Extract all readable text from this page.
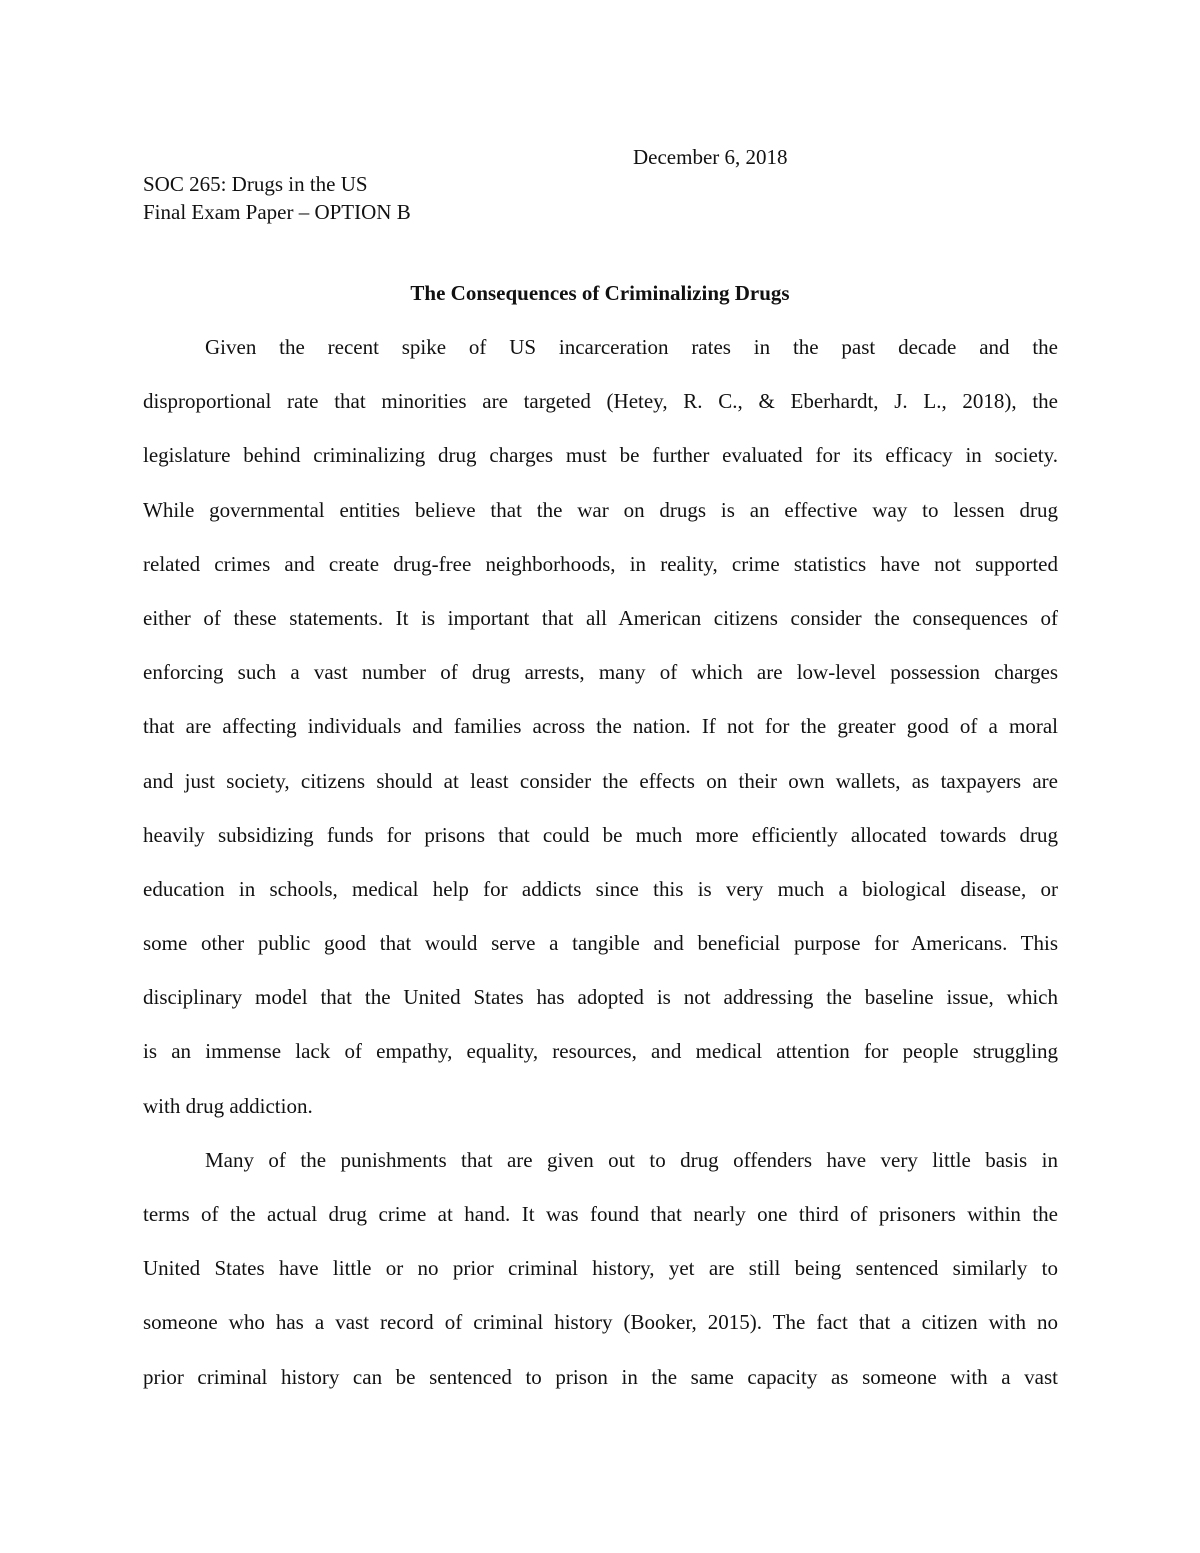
December 6, 2018
SOC 265: Drugs in the US
Final Exam Paper – OPTION B
The Consequences of Criminalizing Drugs
Given the recent spike of US incarceration rates in the past decade and the
disproportional rate that minorities are targeted (Hetey, R. C., & Eberhardt, J. L., 2018), the
legislature behind criminalizing drug charges must be further evaluated for its efficacy in society.
While governmental entities believe that the war on drugs is an effective way to lessen drug
related crimes and create drug-free neighborhoods, in reality, crime statistics have not supported
either of these statements. It is important that all American citizens consider the consequences of
enforcing such a vast number of drug arrests, many of which are low-level possession charges
that are affecting individuals and families across the nation. If not for the greater good of a moral
and just society, citizens should at least consider the effects on their own wallets, as taxpayers are
heavily subsidizing funds for prisons that could be much more efficiently allocated towards drug
education in schools, medical help for addicts since this is very much a biological disease, or
some other public good that would serve a tangible and beneficial purpose for Americans. This
disciplinary model that the United States has adopted is not addressing the baseline issue, which
is an immense lack of empathy, equality, resources, and medical attention for people struggling
with drug addiction.
Many of the punishments that are given out to drug offenders have very little basis in
terms of the actual drug crime at hand. It was found that nearly one third of prisoners within the
United States have little or no prior criminal history, yet are still being sentenced similarly to
someone who has a vast record of criminal history (Booker, 2015). The fact that a citizen with no
prior criminal history can be sentenced to prison in the same capacity as someone with a vast
